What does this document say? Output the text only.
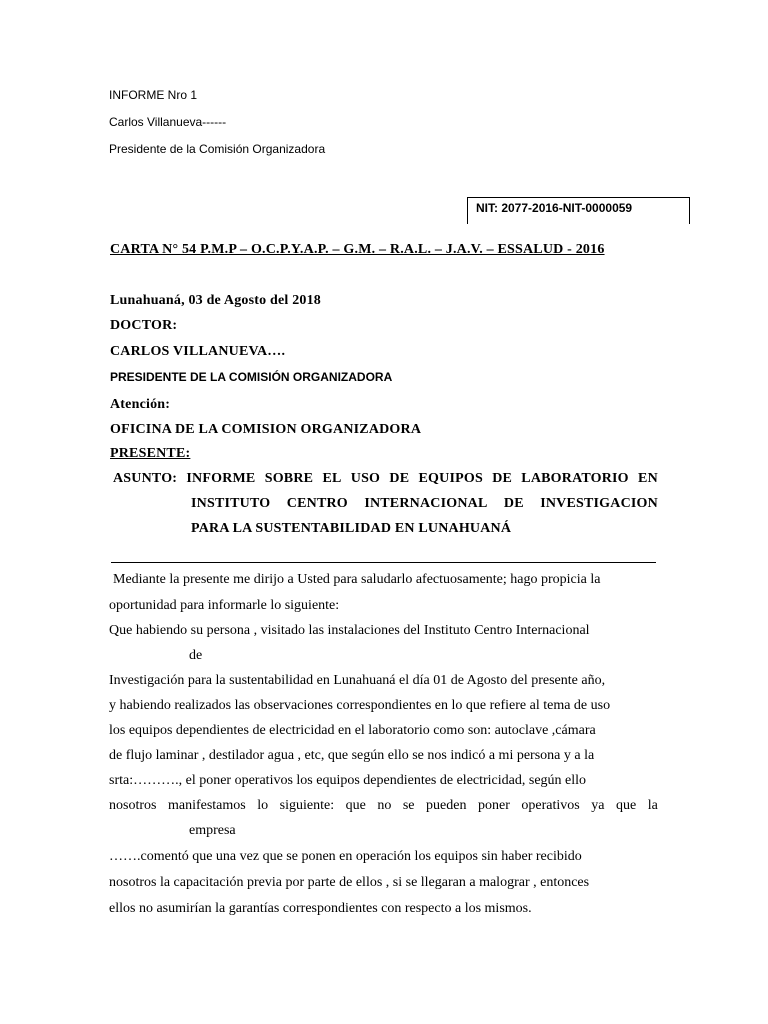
INFORME Nro 1
Carlos Villanueva------
Presidente de la Comisión Organizadora
NIT: 2077-2016-NIT-0000059
CARTA N° 54 P.M.P – O.C.P.Y.A.P. – G.M. – R.A.L. – J.A.V. – ESSALUD - 2016
Lunahuaná, 03 de Agosto del 2018
DOCTOR:
CARLOS VILLANUEVA….
PRESIDENTE DE LA COMISIÓN ORGANIZADORA
Atención:
OFICINA DE LA COMISION ORGANIZADORA
PRESENTE:
ASUNTO: INFORME SOBRE EL USO DE EQUIPOS DE LABORATORIO EN
INSTITUTO CENTRO INTERNACIONAL DE INVESTIGACION
PARA LA SUSTENTABILIDAD EN LUNAHUANÁ
Mediante la presente me dirijo a Usted para saludarlo afectuosamente; hago propicia la
oportunidad para informarle lo siguiente:
Que habiendo su persona , visitado las instalaciones del Instituto Centro Internacional
de
Investigación para la sustentabilidad en Lunahuaná el día 01 de Agosto del presente año,
y habiendo realizados las observaciones correspondientes en lo que refiere al tema de uso
los equipos dependientes de electricidad en el laboratorio como son: autoclave ,cámara
de flujo laminar , destilador agua , etc, que según ello se nos indicó a mi persona y a la
srta:………., el poner operativos los equipos dependientes de electricidad, según ello
nosotros manifestamos lo siguiente: que no se pueden poner operativos ya que la
empresa
…….comentó que una vez que se ponen en operación los equipos sin haber recibido
nosotros la capacitación previa por parte de ellos , si se llegaran a malograr , entonces
ellos no asumirían la garantías correspondientes con respecto a los mismos.
